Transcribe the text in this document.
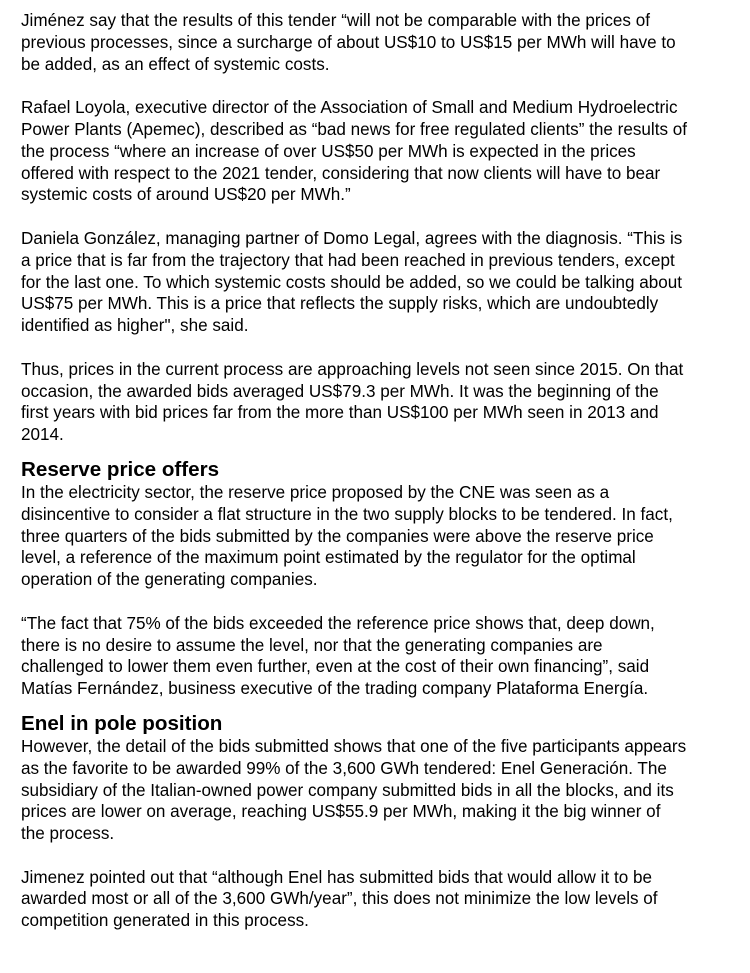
Jiménez say that the results of this tender “will not be comparable with the prices of
previous processes, since a surcharge of about US$10 to US$15 per MWh will have to
be added, as an effect of systemic costs.

Rafael Loyola, executive director of the Association of Small and Medium Hydroelectric
Power Plants (Apemec), described as “bad news for free regulated clients” the results of
the process “where an increase of over US$50 per MWh is expected in the prices
offered with respect to the 2021 tender, considering that now clients will have to bear
systemic costs of around US$20 per MWh.”

Daniela González, managing partner of Domo Legal, agrees with the diagnosis. “This is
a price that is far from the trajectory that had been reached in previous tenders, except
for the last one. To which systemic costs should be added, so we could be talking about
US$75 per MWh. This is a price that reflects the supply risks, which are undoubtedly
identified as higher", she said.

Thus, prices in the current process are approaching levels not seen since 2015. On that
occasion, the awarded bids averaged US$79.3 per MWh. It was the beginning of the
first years with bid prices far from the more than US$100 per MWh seen in 2013 and
2014.

Reserve price offers

In the electricity sector, the reserve price proposed by the CNE was seen as a
disincentive to consider a flat structure in the two supply blocks to be tendered. In fact,
three quarters of the bids submitted by the companies were above the reserve price
level, a reference of the maximum point estimated by the regulator for the optimal
operation of the generating companies.

“The fact that 75% of the bids exceeded the reference price shows that, deep down,
there is no desire to assume the level, nor that the generating companies are
challenged to lower them even further, even at the cost of their own financing”, said
Matías Fernández, business executive of the trading company Plataforma Energía.

Enel in pole position

However, the detail of the bids submitted shows that one of the five participants appears
as the favorite to be awarded 99% of the 3,600 GWh tendered: Enel Generación. The
subsidiary of the Italian-owned power company submitted bids in all the blocks, and its
prices are lower on average, reaching US$55.9 per MWh, making it the big winner of
the process.

Jimenez pointed out that “although Enel has submitted bids that would allow it to be
awarded most or all of the 3,600 GWh/year”, this does not minimize the low levels of
competition generated in this process.
